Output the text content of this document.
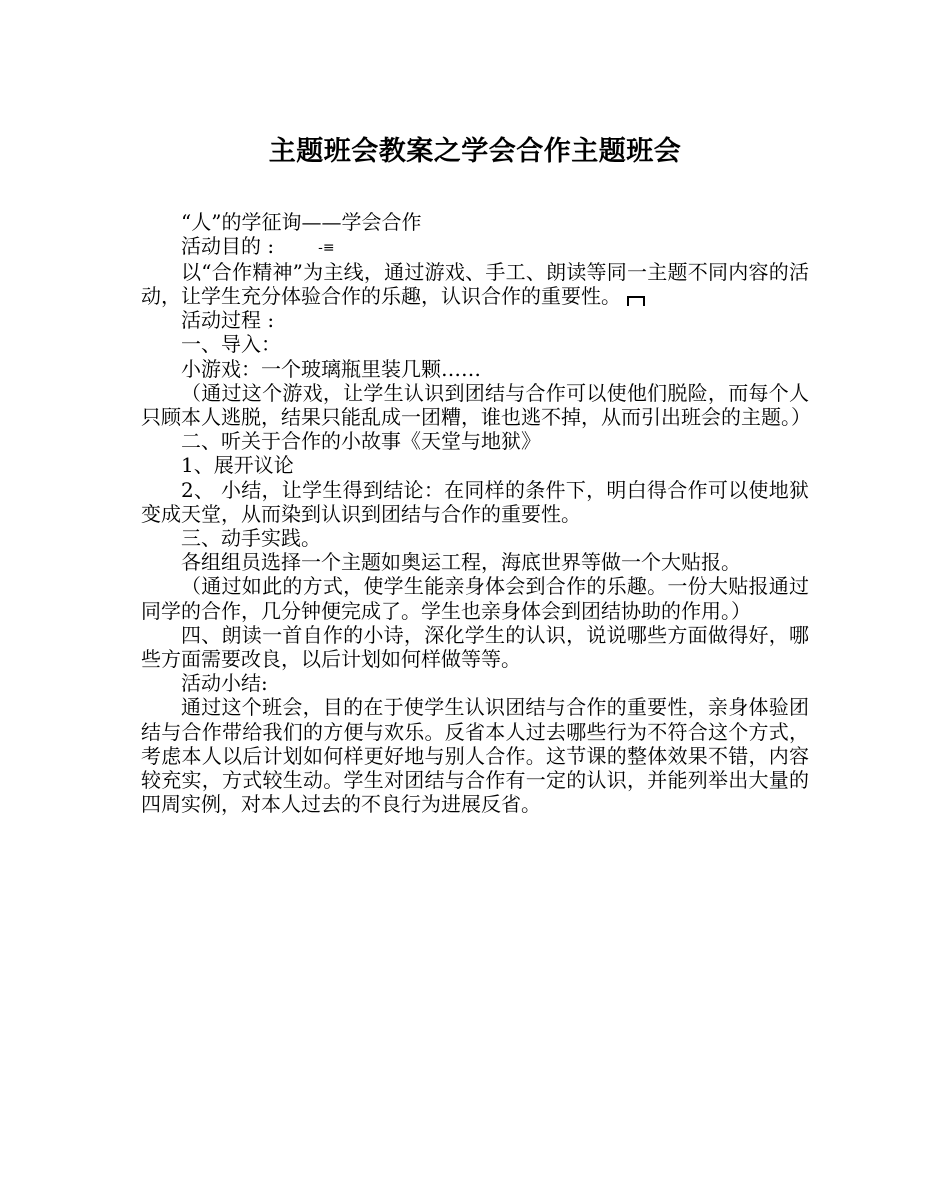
主题班会教案之学会合作主题班会

“人”的学征询——学会合作

活动目的 :	-≡

以“合作精神”为主线，通过游戏、手工、朗读等同一主题不同内容的活动，让学生充分体验合作的乐趣，认识合作的重要性。

活动过程 :

一、导入：

小游戏：一个玻璃瓶里装几颗……

（通过这个游戏，让学生认识到团结与合作可以使他们脱险，而每个人只顾本人逃脱，结果只能乱成一团糟，谁也逃不掉，从而引出班会的主题。）

二、听关于合作的小故事《天堂与地狱》

1、展开议论

2、 小结，让学生得到结论：在同样的条件下，明白得合作可以使地狱变成天堂，从而染到认识到团结与合作的重要性。

三、动手实践。

各组组员选择一个主题如奥运工程，海底世界等做一个大贴报。

（通过如此的方式，使学生能亲身体会到合作的乐趣。一份大贴报通过同学的合作，几分钟便完成了。学生也亲身体会到团结协助的作用。）

四、朗读一首自作的小诗，深化学生的认识，说说哪些方面做得好，哪些方面需要改良，以后计划如何样做等等。

活动小结:

通过这个班会，目的在于使学生认识团结与合作的重要性，亲身体验团结与合作带给我们的方便与欢乐。反省本人过去哪些行为不符合这个方式，考虑本人以后计划如何样更好地与别人合作。这节课的整体效果不错，内容较充实，方式较生动。学生对团结与合作有一定的认识，并能列举出大量的四周实例，对本人过去的不良行为进展反省。
